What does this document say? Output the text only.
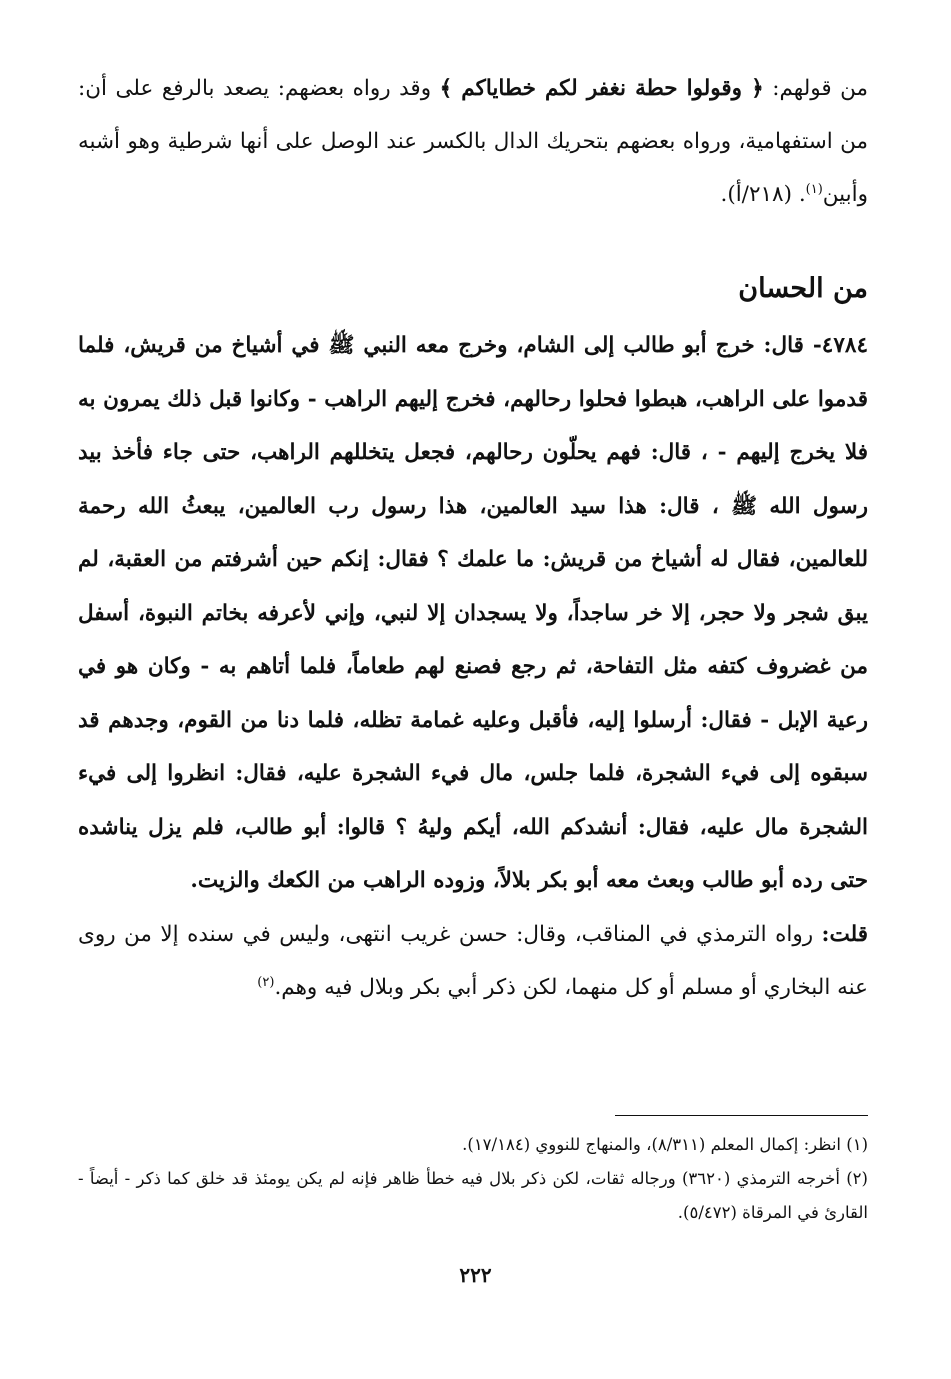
من قولهم: ﴿ وقولوا حطة نغفر لكم خطاياكم ﴾ وقد رواه بعضهم: يصعد بالرفع على أن: من استفهامية، ورواه بعضهم بتحريك الدال بالكسر عند الوصل على أنها شرطية وهو أشبه وأبين$^{(١)}$. (٢١٨/أ).

من الحسان

٤٧٨٤- قال: خرج أبو طالب إلى الشام، وخرج معه النبي ﷺ في أشياخ من قريش، فلما قدموا على الراهب، هبطوا فحلوا رحالهم، فخرج إليهم الراهب - وكانوا قبل ذلك يمرون به فلا يخرج إليهم - ، قال: فهم يحلّون رحالهم، فجعل يتخللهم الراهب، حتى جاء فأخذ بيد رسول الله ﷺ ، قال: هذا سيد العالمين، هذا رسول رب العالمين، يبعثُ الله رحمة للعالمين، فقال له أشياخ من قريش: ما علمك ؟ فقال: إنكم حين أشرفتم من العقبة، لم يبق شجر ولا حجر، إلا خر ساجداً، ولا يسجدان إلا لنبي، وإني لأعرفه بخاتم النبوة، أسفل من غضروف كتفه مثل التفاحة، ثم رجع فصنع لهم طعاماً، فلما أتاهم به - وكان هو في رعية الإبل - فقال: أرسلوا إليه، فأقبل وعليه غمامة تظله، فلما دنا من القوم، وجدهم قد سبقوه إلى فيء الشجرة، فلما جلس، مال فيء الشجرة عليه، فقال: انظروا إلى فيء الشجرة مال عليه، فقال: أنشدكم الله، أيكم وليهُ ؟ قالوا: أبو طالب، فلم يزل يناشده حتى رده أبو طالب وبعث معه أبو بكر بلالاً، وزوده الراهب من الكعك والزيت.

قلت: رواه الترمذي في المناقب، وقال: حسن غريب انتهى، وليس في سنده إلا من روى عنه البخاري أو مسلم أو كل منهما، لكن ذكر أبي بكر وبلال فيه وهم.$^{(٢)}$

(١) انظر: إكمال المعلم (٨/٣١١)، والمنهاج للنووي (١٧/١٨٤).

(٢) أخرجه الترمذي (٣٦٢٠) ورجاله ثقات، لكن ذكر بلال فيه خطأ ظاهر فإنه لم يكن يومئذ قد خلق كما ذكر - أيضاً - القارئ في المرقاة (٥/٤٧٢).

٢٢٢
